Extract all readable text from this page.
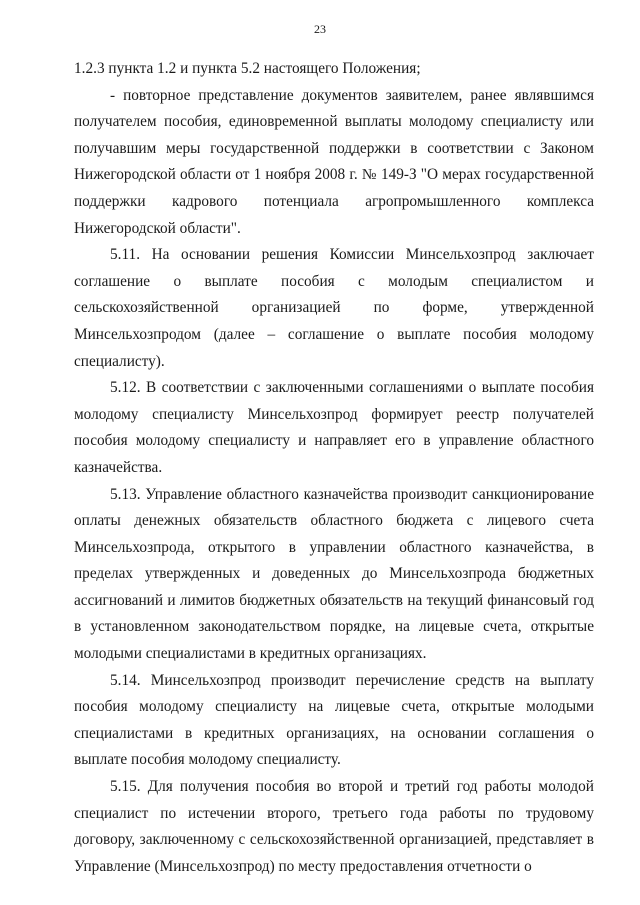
23

1.2.3 пункта 1.2 и пункта 5.2 настоящего Положения;

- повторное представление документов заявителем, ранее являвшимся получателем пособия, единовременной выплаты молодому специалисту или получавшим меры государственной поддержки в соответствии с Законом Нижегородской области от 1 ноября 2008 г. № 149-З "О мерах государственной поддержки кадрового потенциала агропромышленного комплекса Нижегородской области".

5.11. На основании решения Комиссии Минсельхозпрод заключает соглашение о выплате пособия с молодым специалистом и сельскохозяйственной организацией по форме, утвержденной Минсельхозпродом (далее – соглашение о выплате пособия молодому специалисту).

5.12. В соответствии с заключенными соглашениями о выплате пособия молодому специалисту Минсельхозпрод формирует реестр получателей пособия молодому специалисту и направляет его в управление областного казначейства.

5.13. Управление областного казначейства производит санкционирование оплаты денежных обязательств областного бюджета с лицевого счета Минсельхозпрода, открытого в управлении областного казначейства, в пределах утвержденных и доведенных до Минсельхозпрода бюджетных ассигнований и лимитов бюджетных обязательств на текущий финансовый год в установленном законодательством порядке, на лицевые счета, открытые молодыми специалистами в кредитных организациях.

5.14. Минсельхозпрод производит перечисление средств на выплату пособия молодому специалисту на лицевые счета, открытые молодыми специалистами в кредитных организациях, на основании соглашения о выплате пособия молодому специалисту.

5.15. Для получения пособия во второй и третий год работы молодой специалист по истечении второго, третьего года работы по трудовому договору, заключенному с сельскохозяйственной организацией, представляет в Управление (Минсельхозпрод) по месту предоставления отчетности о
